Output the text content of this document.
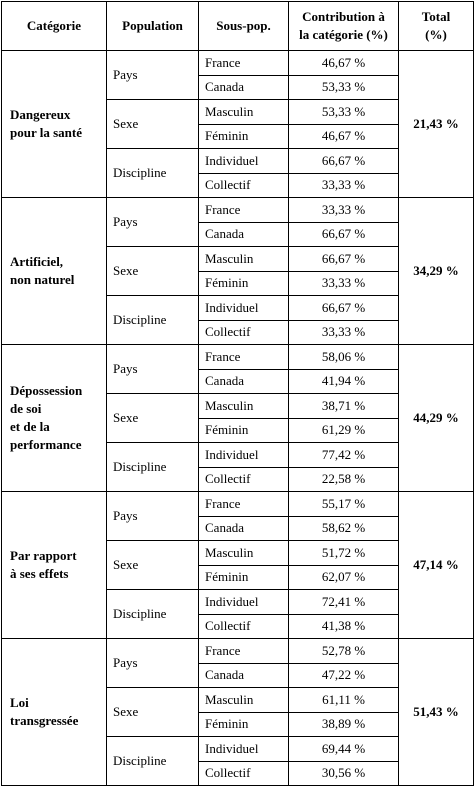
Catégorie	Population	Sous-pop.	Contribution à
la catégorie (%)	Total
(%)
Dangereux
pour la santé	Pays	France	46,67 %	21,43 %
		Canada	53,33 %	
	Sexe	Masculin	53,33 %	
		Féminin	46,67 %	
	Discipline	Individuel	66,67 %	
		Collectif	33,33 %	
Artificiel,
non naturel	Pays	France	33,33 %	34,29 %
		Canada	66,67 %	
	Sexe	Masculin	66,67 %	
		Féminin	33,33 %	
	Discipline	Individuel	66,67 %	
		Collectif	33,33 %	
Dépossession
de soi
et de la
performance	Pays	France	58,06 %	44,29 %
		Canada	41,94 %	
	Sexe	Masculin	38,71 %	
		Féminin	61,29 %	
	Discipline	Individuel	77,42 %	
		Collectif	22,58 %	
Par rapport
à ses effets	Pays	France	55,17 %	47,14 %
		Canada	58,62 %	
	Sexe	Masculin	51,72 %	
		Féminin	62,07 %	
	Discipline	Individuel	72,41 %	
		Collectif	41,38 %	
Loi
transgressée	Pays	France	52,78 %	51,43 %
		Canada	47,22 %	
	Sexe	Masculin	61,11 %	
		Féminin	38,89 %	
	Discipline	Individuel	69,44 %	
		Collectif	30,56 %	
